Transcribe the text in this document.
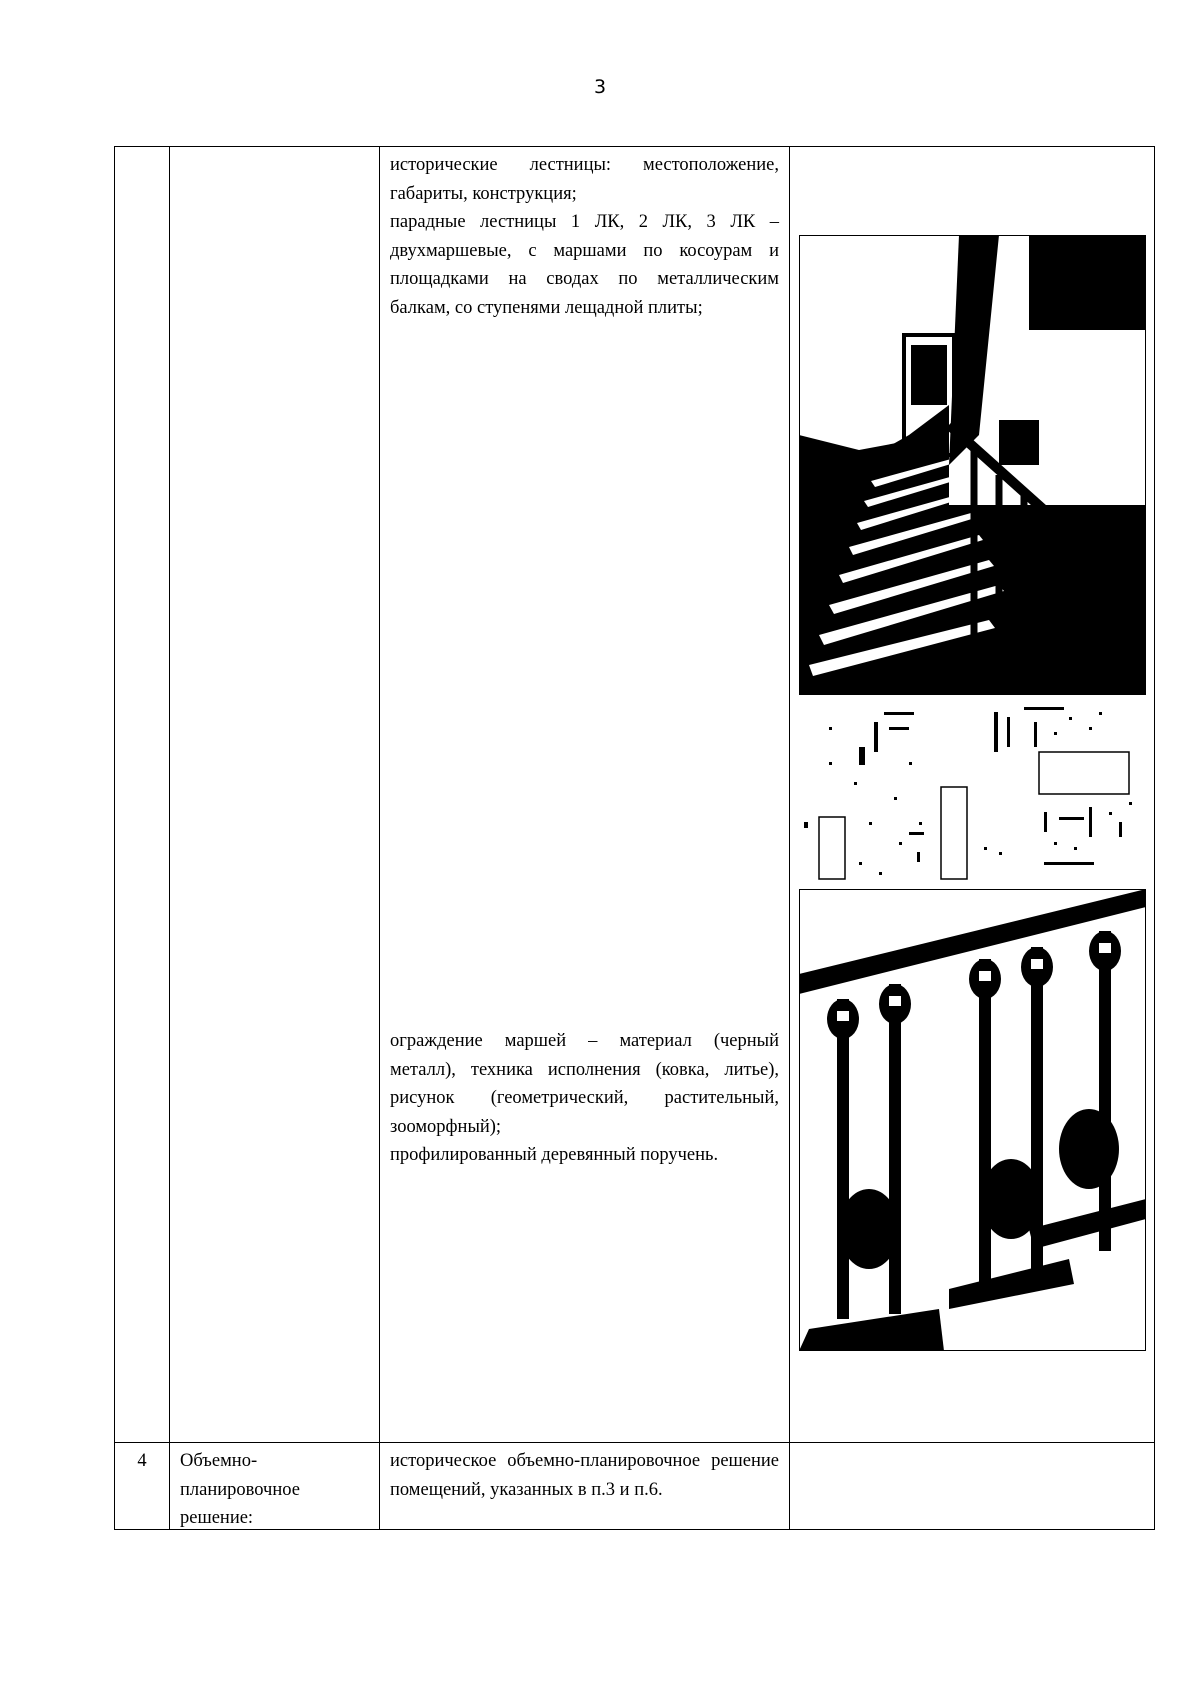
3

		исторические лестницы: местоположение, габариты, конструкция;

парадные лестницы 1 ЛК, 2 ЛК, 3 ЛК – двухмаршевые, с маршами по косоурам и площадками на сводах по металлическим балкам, со ступенями лещадной плиты;

ограждение маршей – материал (черный металл), техника исполнения (ковка, литье), рисунок (геометрический, растительный, зооморфный);

профилированный деревянный поручень.

4	Объемно-планировочное решение:	историческое объемно-планировочное решение помещений, указанных в п.3 и п.6.	
